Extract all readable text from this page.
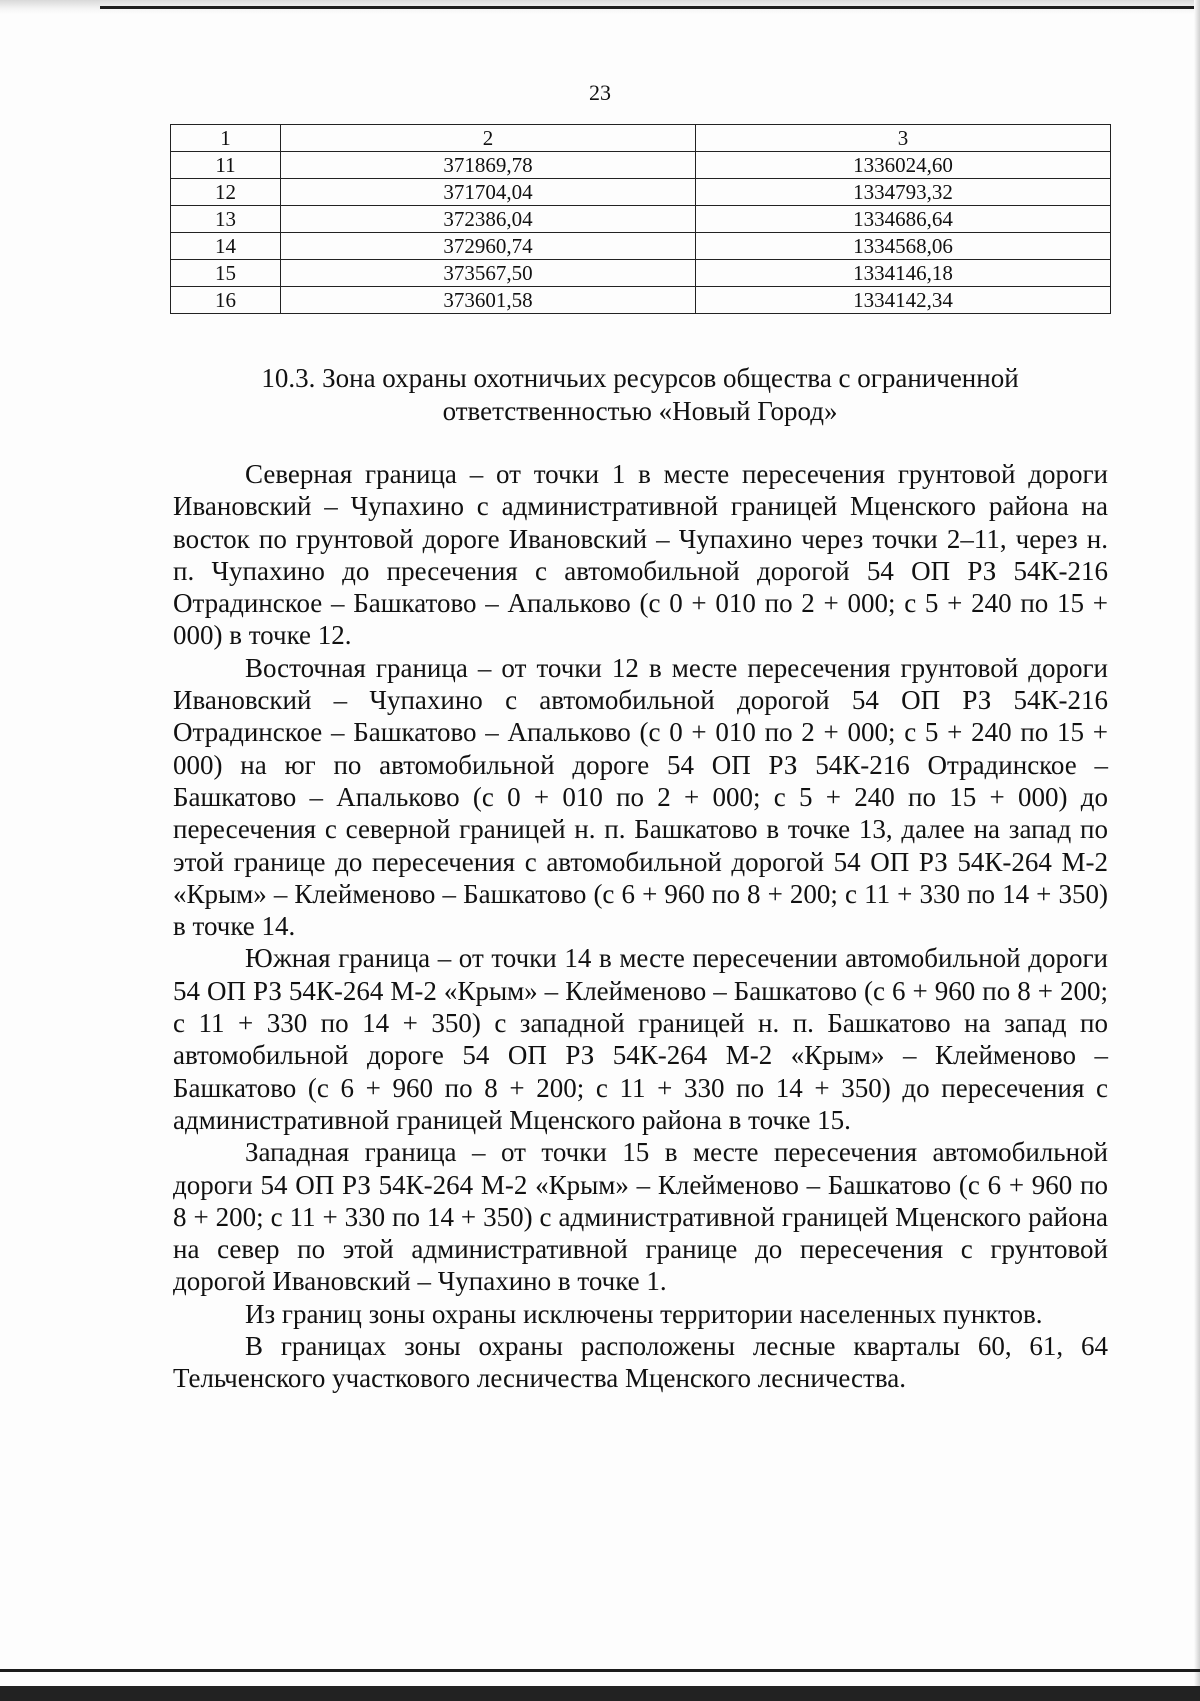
23
1	2	3
11	371869,78	1336024,60
12	371704,04	1334793,32
13	372386,04	1334686,64
14	372960,74	1334568,06
15	373567,50	1334146,18
16	373601,58	1334142,34
10.3. Зона охраны охотничьих ресурсов общества с ограниченной
ответственностью «Новый Город»

Северная граница – от точки 1 в месте пересечения грунтовой дороги Ивановский – Чупахино с административной границей Мценского района на восток по грунтовой дороге Ивановский – Чупахино через точки 2–11, через н. п. Чупахино до пресечения с автомобильной дорогой 54 ОП РЗ 54К-216 Отрадинское – Башкатово – Апальково (с 0 + 010 по 2 + 000; с 5 + 240 по 15 + 000) в точке 12.

Восточная граница – от точки 12 в месте пересечения грунтовой дороги Ивановский – Чупахино с автомобильной дорогой 54 ОП РЗ 54К-216 Отрадинское – Башкатово – Апальково (с 0 + 010 по 2 + 000; с 5 + 240 по 15 + 000) на юг по автомобильной дороге 54 ОП РЗ 54К-216 Отрадинское – Башкатово – Апальково (с 0 + 010 по 2 + 000; с 5 + 240 по 15 + 000) до пересечения с северной границей н. п. Башкатово в точке 13, далее на запад по этой границе до пересечения с автомобильной дорогой 54 ОП РЗ 54К-264 М-2 «Крым» – Клейменово – Башкатово (с 6 + 960 по 8 + 200; с 11 + 330 по 14 + 350) в точке 14.

Южная граница – от точки 14 в месте пересечении автомобильной дороги 54 ОП РЗ 54К-264 М-2 «Крым» – Клейменово – Башкатово (с 6 + 960 по 8 + 200; с 11 + 330 по 14 + 350) с западной границей н. п. Башкатово на запад по автомобильной дороге 54 ОП РЗ 54К-264 М-2 «Крым» – Клейменово – Башкатово (с 6 + 960 по 8 + 200; с 11 + 330 по 14 + 350) до пересечения с административной границей Мценского района в точке 15.

Западная граница – от точки 15 в месте пересечения автомобильной дороги 54 ОП РЗ 54К-264 М-2 «Крым» – Клейменово – Башкатово (с 6 + 960 по 8 + 200; с 11 + 330 по 14 + 350) с административной границей Мценского района на север по этой административной границе до пересечения с грунтовой дорогой Ивановский – Чупахино в точке 1.

Из границ зоны охраны исключены территории населенных пунктов.

В границах зоны охраны расположены лесные кварталы 60, 61, 64 Тельченского участкового лесничества Мценского лесничества.
